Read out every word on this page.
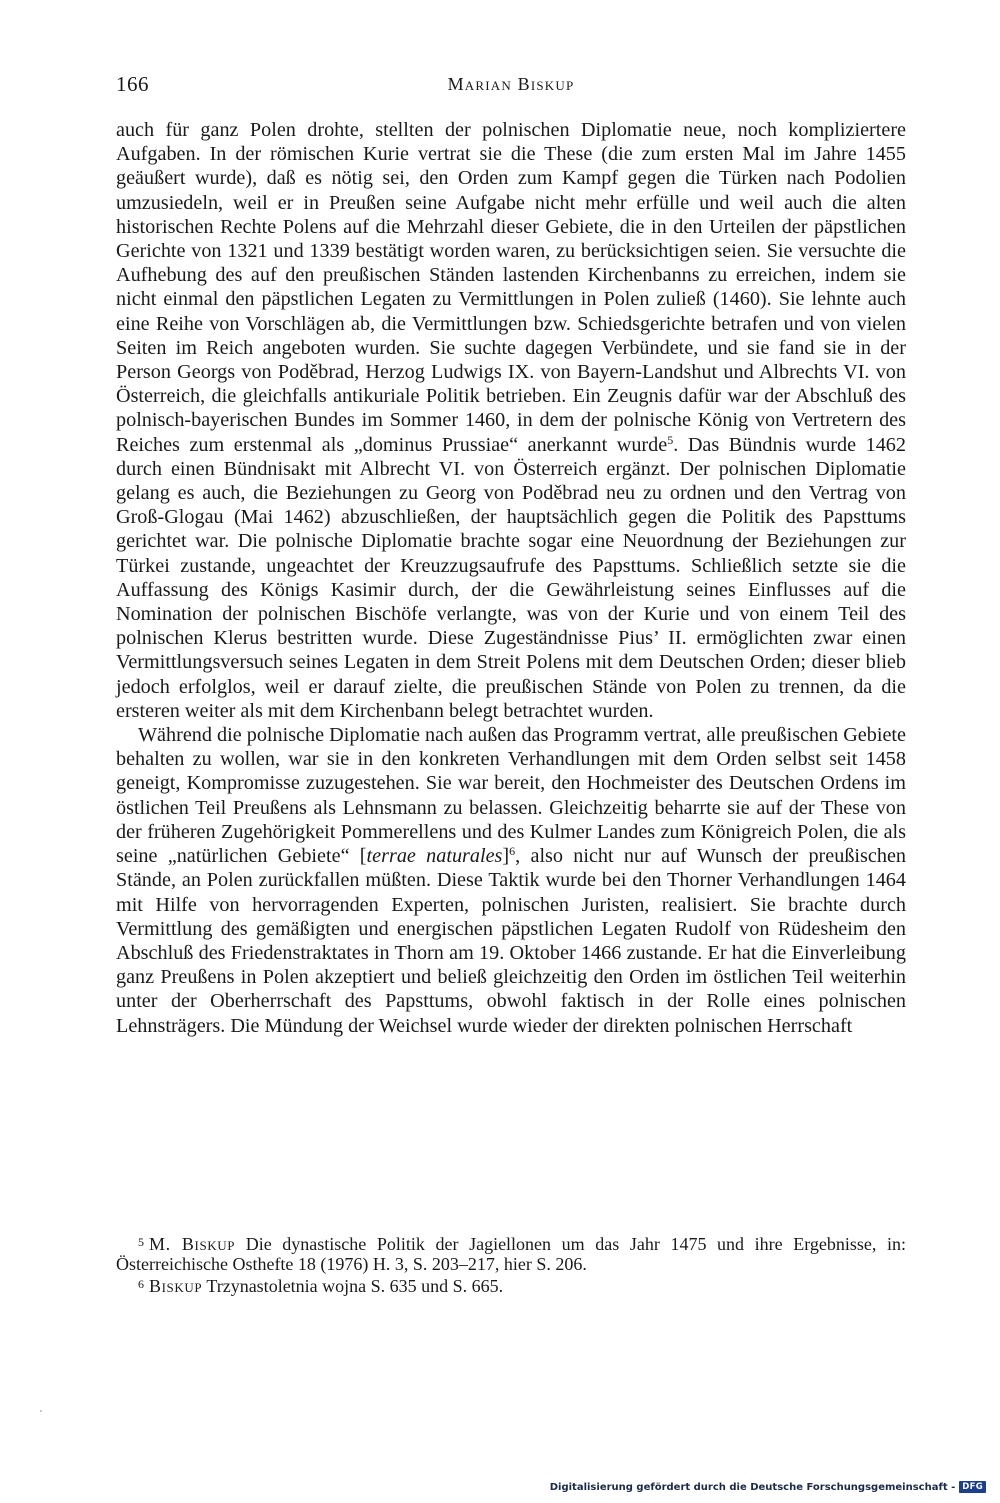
166	Marian Biskup

auch für ganz Polen drohte, stellten der polnischen Diplomatie neue, noch kompliziertere Aufgaben. In der römischen Kurie vertrat sie die These (die zum ersten Mal im Jahre 1455 geäußert wurde), daß es nötig sei, den Orden zum Kampf gegen die Türken nach Podolien umzusiedeln, weil er in Preußen seine Aufgabe nicht mehr erfülle und weil auch die alten historischen Rechte Polens auf die Mehrzahl dieser Gebiete, die in den Urteilen der päpstlichen Gerichte von 1321 und 1339 bestätigt worden waren, zu berücksichtigen seien. Sie versuchte die Aufhebung des auf den preußischen Ständen lastenden Kirchenbanns zu erreichen, indem sie nicht einmal den päpstlichen Legaten zu Vermittlungen in Polen zuließ (1460). Sie lehnte auch eine Reihe von Vorschlägen ab, die Vermittlungen bzw. Schiedsgerichte betrafen und von vielen Seiten im Reich angeboten wurden. Sie suchte dagegen Verbündete, und sie fand sie in der Person Georgs von Poděbrad, Herzog Ludwigs IX. von Bayern-Landshut und Albrechts VI. von Österreich, die gleichfalls antikuriale Politik betrieben. Ein Zeugnis dafür war der Abschluß des polnisch-bayerischen Bundes im Sommer 1460, in dem der polnische König von Vertretern des Reiches zum erstenmal als „dominus Prussiae“ anerkannt wurde$^5$. Das Bündnis wurde 1462 durch einen Bündnisakt mit Albrecht VI. von Österreich ergänzt. Der polnischen Diplomatie gelang es auch, die Beziehungen zu Georg von Poděbrad neu zu ordnen und den Vertrag von Groß-Glogau (Mai 1462) abzuschließen, der hauptsächlich gegen die Politik des Papsttums gerichtet war. Die polnische Diplomatie brachte sogar eine Neuordnung der Beziehungen zur Türkei zustande, ungeachtet der Kreuzzugsaufrufe des Papsttums. Schließlich setzte sie die Auffassung des Königs Kasimir durch, der die Gewährleistung seines Einflusses auf die Nomination der polnischen Bischöfe verlangte, was von der Kurie und von einem Teil des polnischen Klerus bestritten wurde. Diese Zugeständnisse Pius’ II. ermöglichten zwar einen Vermittlungsversuch seines Legaten in dem Streit Polens mit dem Deutschen Orden; dieser blieb jedoch erfolglos, weil er darauf zielte, die preußischen Stände von Polen zu trennen, da die ersteren weiter als mit dem Kirchenbann belegt betrachtet wurden.

Während die polnische Diplomatie nach außen das Programm vertrat, alle preußischen Gebiete behalten zu wollen, war sie in den konkreten Verhandlungen mit dem Orden selbst seit 1458 geneigt, Kompromisse zuzugestehen. Sie war bereit, den Hochmeister des Deutschen Ordens im östlichen Teil Preußens als Lehnsmann zu belassen. Gleichzeitig beharrte sie auf der These von der früheren Zugehörigkeit Pommerellens und des Kulmer Landes zum Königreich Polen, die als seine „natürlichen Gebiete“ [terrae naturales]$^6$, also nicht nur auf Wunsch der preußischen Stände, an Polen zurückfallen müßten. Diese Taktik wurde bei den Thorner Verhandlungen 1464 mit Hilfe von hervorragenden Experten, polnischen Juristen, realisiert. Sie brachte durch Vermittlung des gemäßigten und energischen päpstlichen Legaten Rudolf von Rüdesheim den Abschluß des Friedenstraktates in Thorn am 19. Oktober 1466 zustande. Er hat die Einverleibung ganz Preußens in Polen akzeptiert und beließ gleichzeitig den Orden im östlichen Teil weiterhin unter der Oberherrschaft des Papsttums, obwohl faktisch in der Rolle eines polnischen Lehnsträgers. Die Mündung der Weichsel wurde wieder der direkten polnischen Herrschaft

$^5$ M. Biskup Die dynastische Politik der Jagiellonen um das Jahr 1475 und ihre Ergebnisse, in: Österreichische Osthefte 18 (1976) H. 3, S. 203–217, hier S. 206.

$^6$ Biskup Trzynastoletnia wojna S. 635 und S. 665.

Digitalisierung gefördert durch die Deutsche Forschungsgemeinschaft - DFG
